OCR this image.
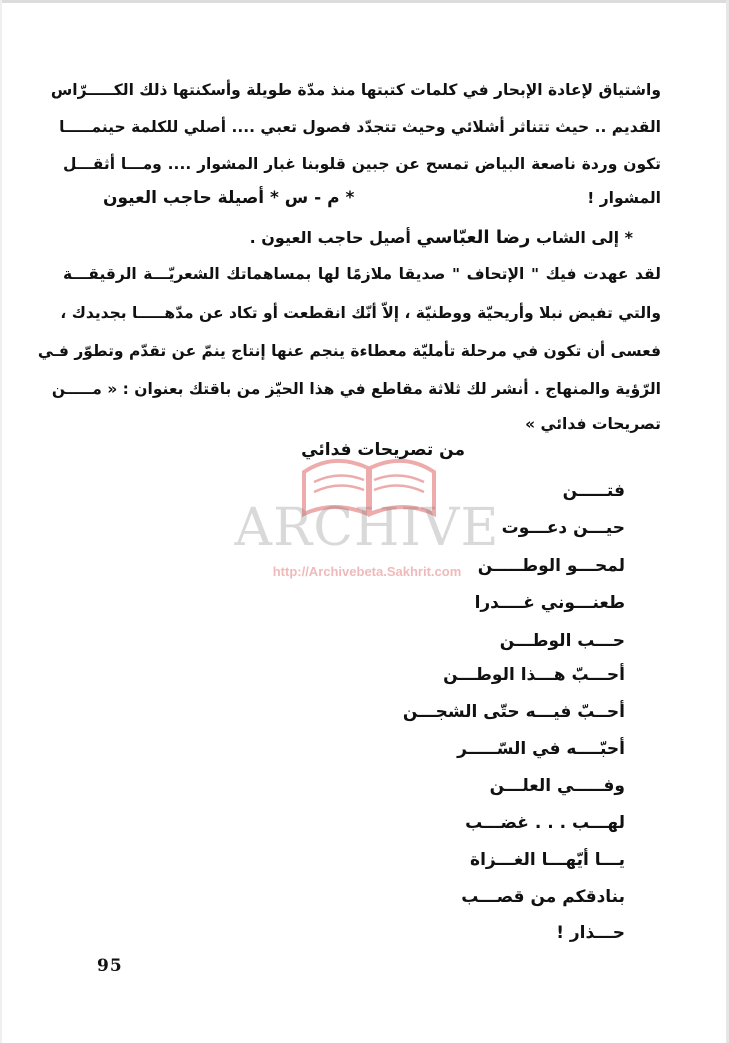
واشتياق لإعادة الإبحار في كلمات كتبتها منذ مدّة طويلة وأسكنتها ذلك الكـــــرّاس
القديم .. حيث تتناثر أشلائي وحيث تتجدّد فصول تعبي .... أصلي للكلمة حينمـــــا
تكون وردة ناصعة البياض تمسح عن جبين قلوبنا غبار المشوار .... ومـــا أثقـــل
المشوار !
* م - س * أصيلة حاجب العيون
* إلى الشاب رضا العبّاسي أصيل حاجب العيون .
لقد عهدت فيك " الإتحاف " صديقا ملازمًا لها بمساهماتك الشعريّـــة الرقيقـــة
والتي تفيض نبلا وأريحيّة ووطنيّة ، إلاّ أنّك انقطعت أو تكاد عن مدّهـــــا بجديدك ،
فعسى أن تكون في مرحلة تأمليّة معطاءة ينجم عنها إنتاج ينمّ عن تقدّم وتطوّر فـي
الرّؤية والمنهاج . أنشر لك ثلاثة مقاطع في هذا الحيّز من باقتك بعنوان : « مـــــن
تصريحات فدائي »
ARCHIVE
http://Archivebeta.Sakhrit.com
من تصريحات فدائي
فتـــــن
حيـــن دعـــوت
لمحـــو الوطـــــن
طعنـــوني غــــدرا
حـــب الوطـــن
أحـــبّ هـــذا الوطـــن
أحــبّ فيـــه حتّى الشجـــن
أحبّــــه في السّـــــر
وفـــــي العلـــن
لهـــب . . . غضـــب
يـــا أيّهـــا الغـــزاة
بنادقكم من قصـــب
حـــذار !
95
